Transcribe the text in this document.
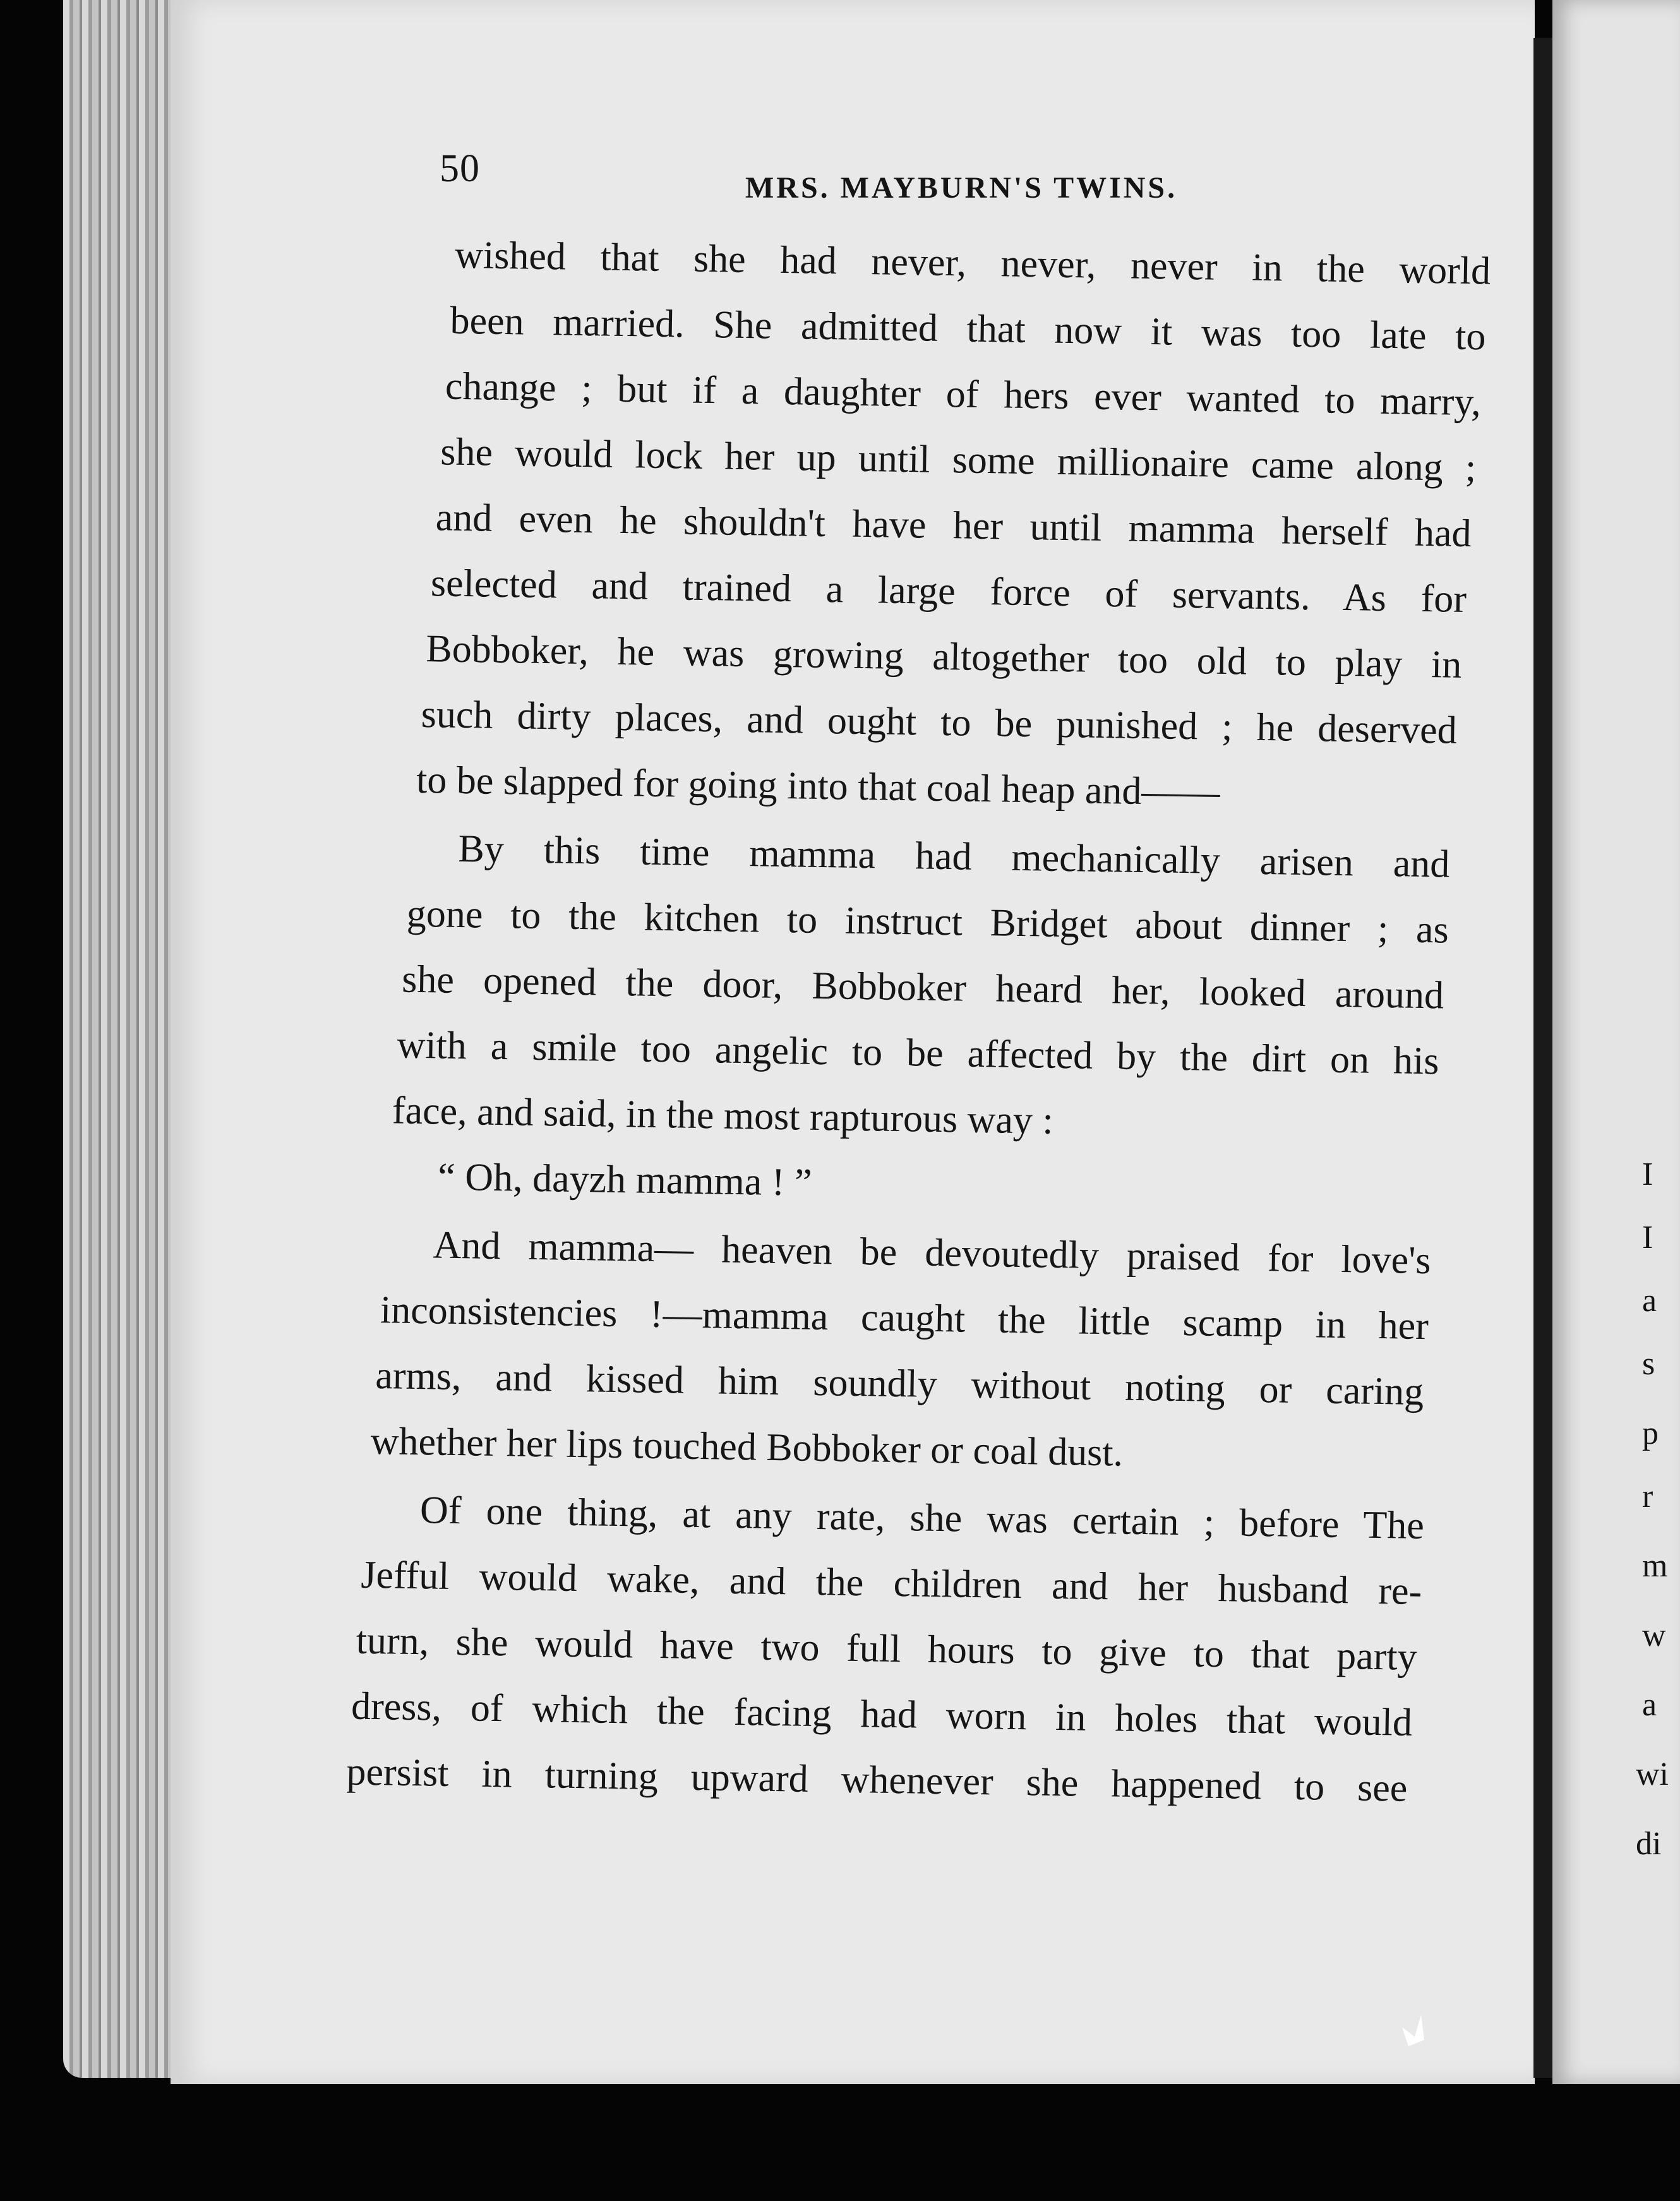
50	MRS. MAYBURN'S TWINS.
wished that she had never, never, never in the world
been married. She admitted that now it was too late to
change ; but if a daughter of hers ever wanted to marry,
she would lock her up until some millionaire came along ;
and even he shouldn't have her until mamma herself had
selected and trained a large force of servants. As for
Bobboker, he was growing altogether too old to play in
such dirty places, and ought to be punished ; he deserved
to be slapped for going into that coal heap and——
By this time mamma had mechanically arisen and
gone to the kitchen to instruct Bridget about dinner ; as
she opened the door, Bobboker heard her, looked around
with a smile too angelic to be affected by the dirt on his
face, and said, in the most rapturous way :
“ Oh, dayzh mamma ! ”
And mamma— heaven be devoutedly praised for love's
inconsistencies !—mamma caught the little scamp in her
arms, and kissed him soundly without noting or caring
whether her lips touched Bobboker or coal dust.
Of one thing, at any rate, she was certain ; before The
Jefful would wake, and the children and her husband re-
turn, she would have two full hours to give to that party
dress, of which the facing had worn in holes that would
persist in turning upward whenever she happened to see
I
I
a
s
p
r
m
w
a
wi
di
